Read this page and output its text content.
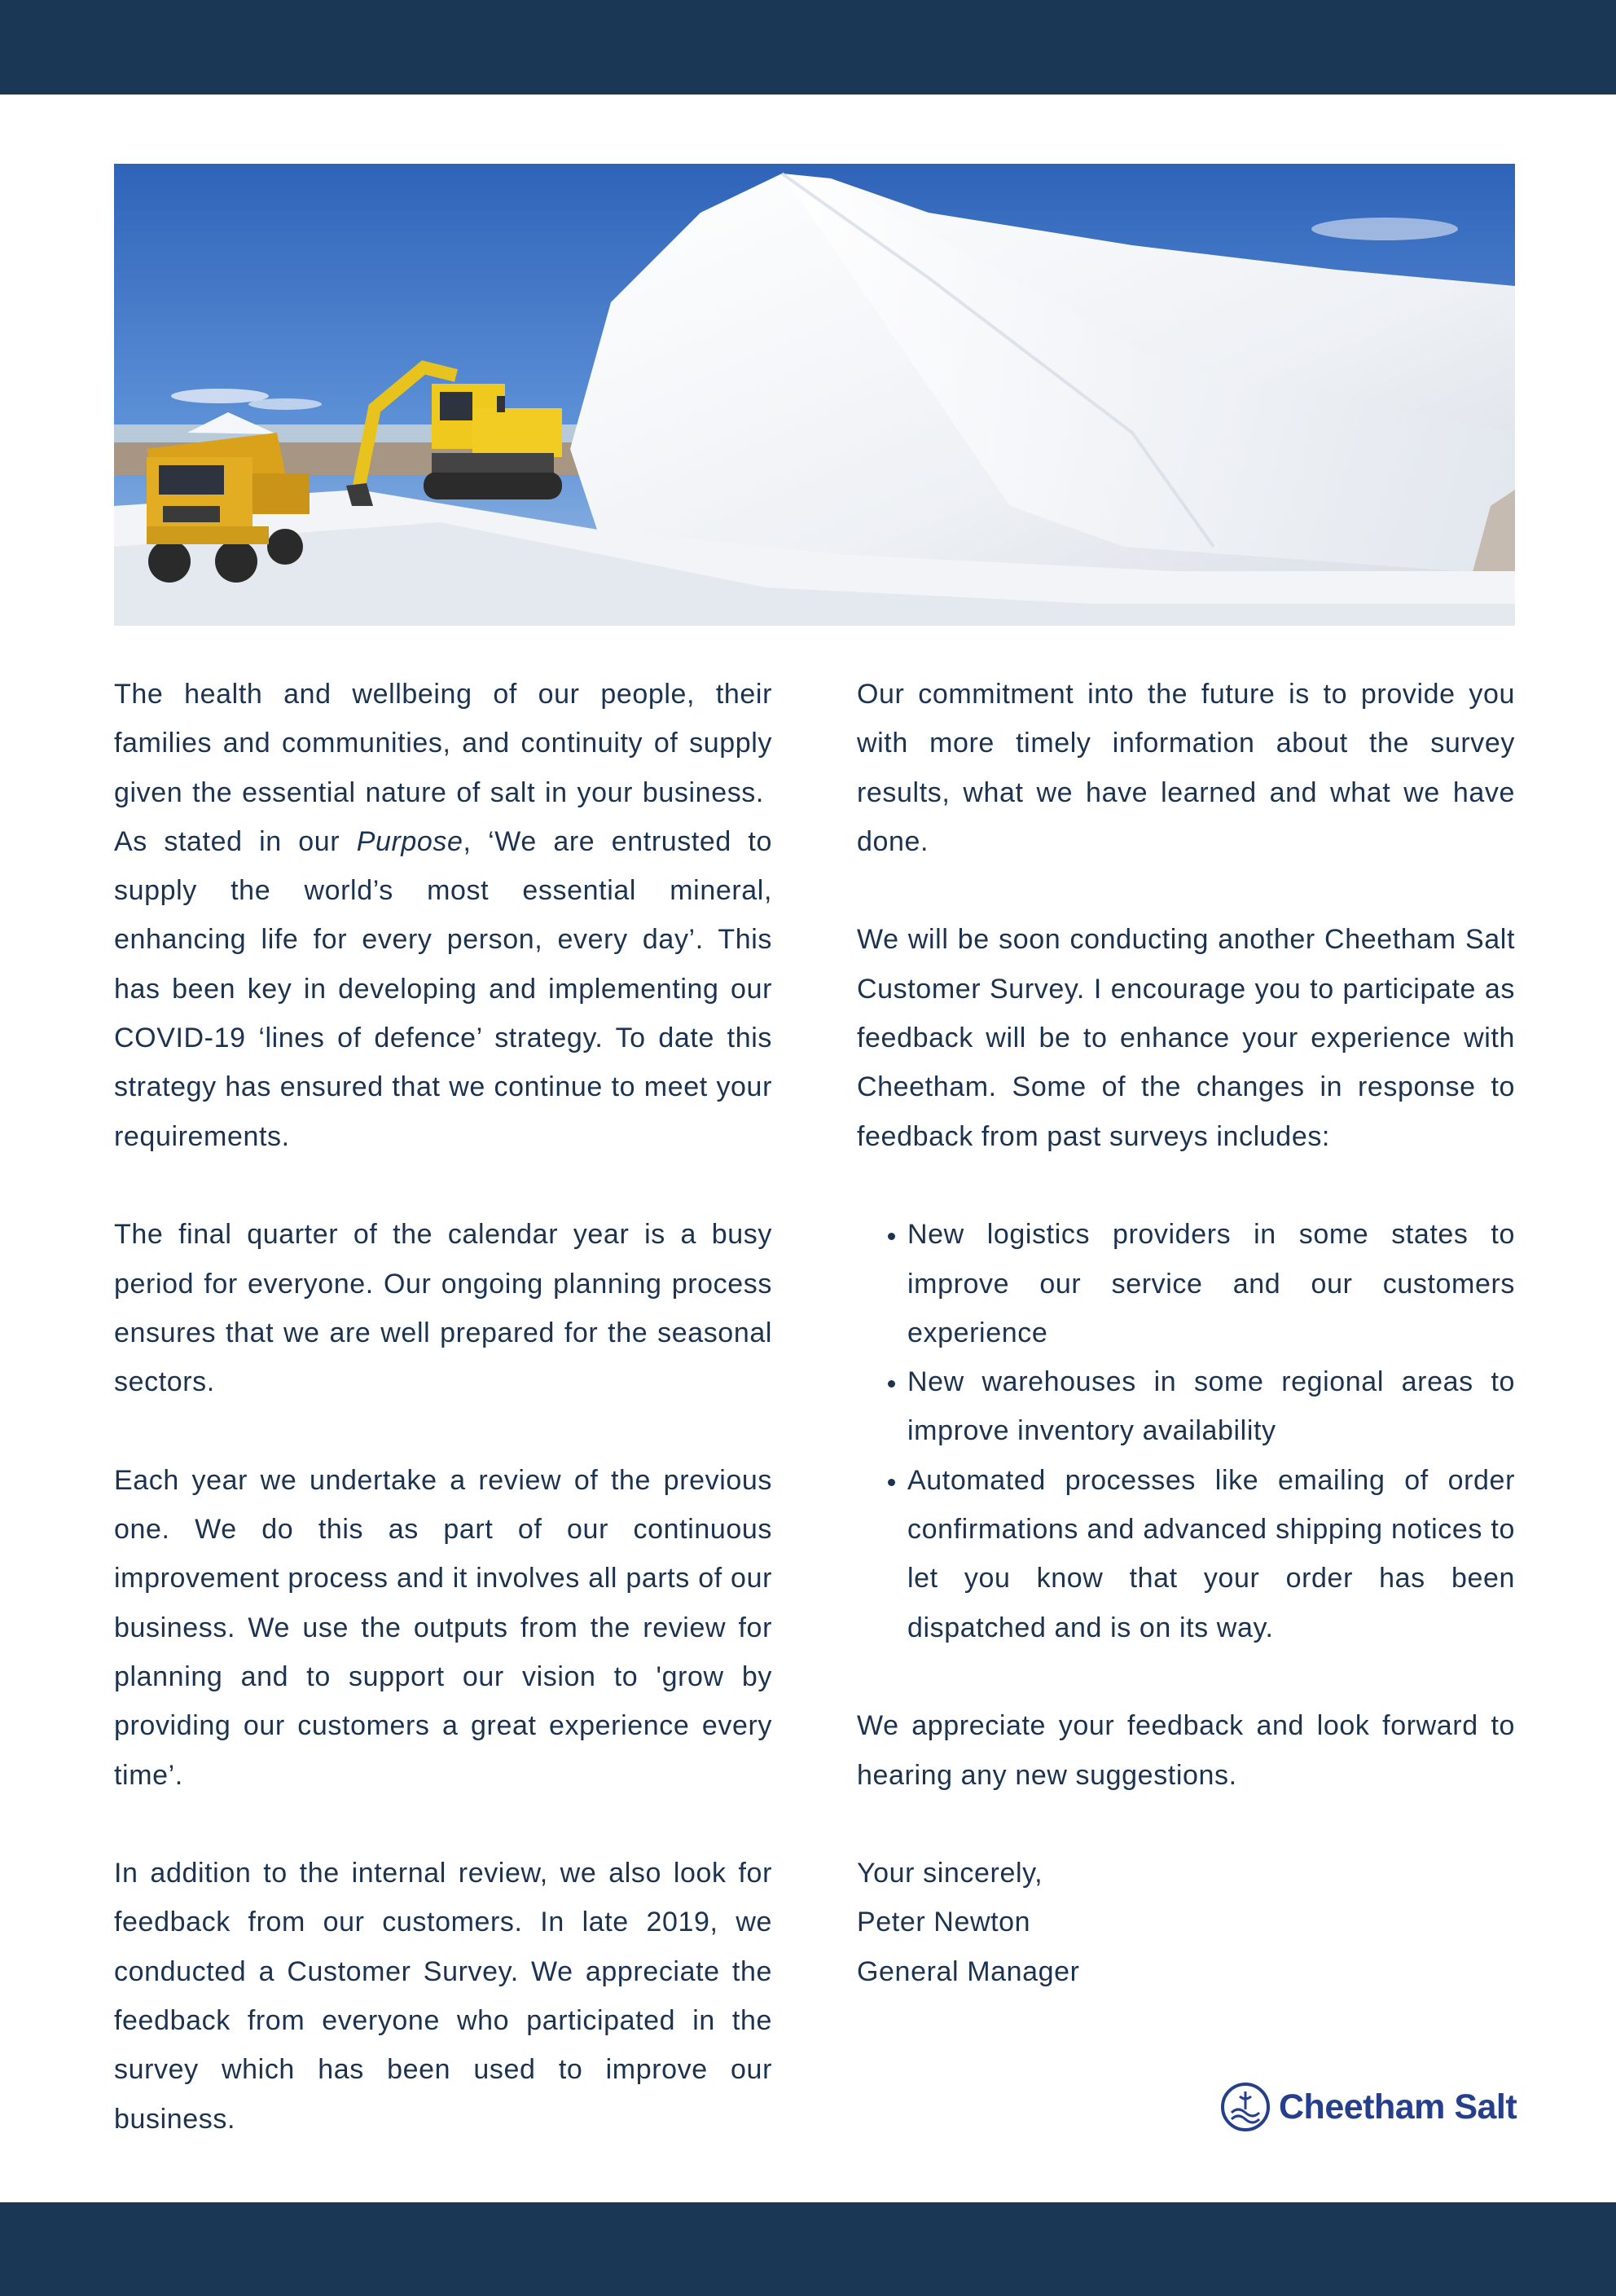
The health and wellbeing of our people, their families and communities, and continuity of supply given the essential nature of salt in your business.  As stated in our Purpose, ‘We are entrusted to supply the world’s most essential mineral, enhancing life for every person, every day’. This has been key in developing and implementing our COVID-19 ‘lines of defence’ strategy. To date this strategy has ensured that we continue to meet your requirements.

The final quarter of the calendar year is a busy period for everyone. Our ongoing planning process ensures that we are well prepared for the seasonal sectors.

Each year we undertake a review of the previous one. We do this as part of our continuous improvement process and it involves all parts of our business. We use the outputs from the review for planning and to support our vision to 'grow by providing our customers a great experience every time’.

In addition to the internal review, we also look for feedback from our customers. In late 2019, we conducted a Customer Survey. We appreciate the feedback from everyone who participated in the survey which has been used to improve our business.

Our commitment into the future is to provide you with more timely information about the survey results, what we have learned and what we have done.

We will be soon conducting another Cheetham Salt Customer Survey. I encourage you to participate as feedback will be to enhance your experience with Cheetham. Some of the changes in response to feedback from past surveys includes:

• New logistics providers in some states to improve our service and our customers experience
• New warehouses in some regional areas to improve inventory availability
• Automated processes like emailing of order confirmations and advanced shipping notices to let you know that your order has been dispatched and is on its way.

We appreciate your feedback and look forward to hearing any new suggestions.

Your sincerely,

Peter Newton

General Manager

Cheetham Salt
